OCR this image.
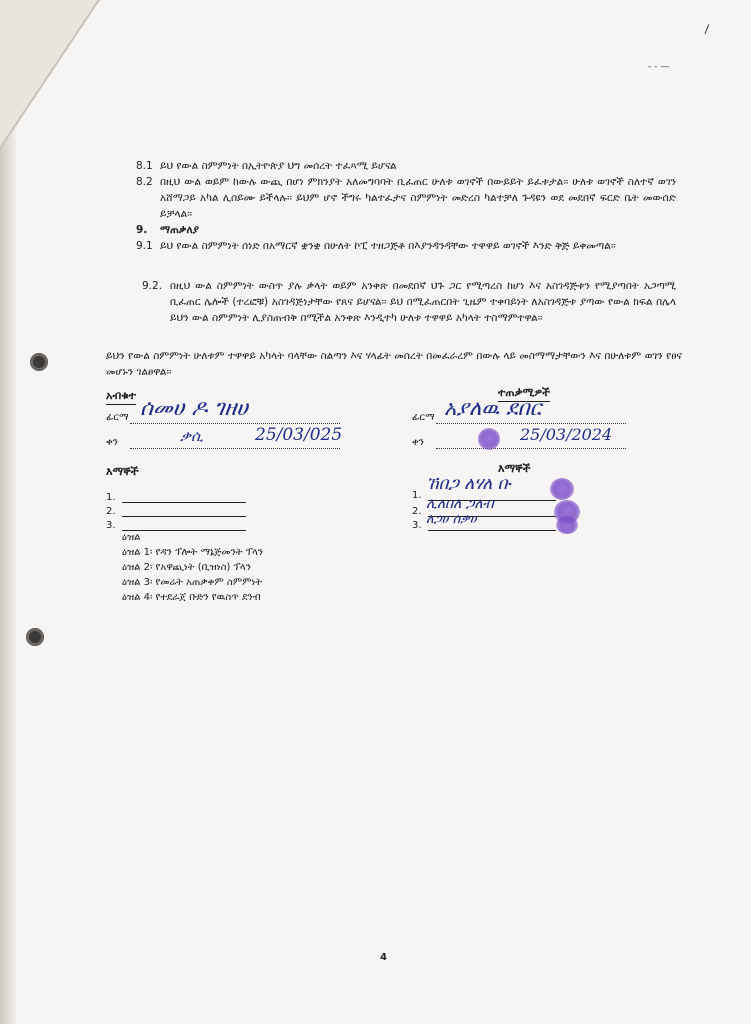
\
- - —
8.1 ይህ የውል ስምምነት በኢትዮጵያ ህግ መሰረት ተፈጻሚ ይሆናል
8.2 በዚህ ውል ወይም ከውሉ ውጪ በሆነ ምክንያት አለመግባባት ቢፈጠር ሁለቱ ወገኖች በውይይት ይፈቱታል፡፡ ሁለቱ ወገኖች ስለተኛ ወገን አሸማጋይ አካል ሊሰይሙ ይችላሉ፡፡ ይህም ሆኖ ችግሩ ካልተፈታና ስምምነት መድረስ ካልተቻለ ጉዳዩን ወደ መደበኛ ፍርድ ቤት መውሰድ ይቻላል፡፡
9. ማጠቃለያ
9.1 ይህ የውል ስምምነት ሰነድ በአማርኛ ቋንቋ በሁለት ኮፒ ተዘጋጅቶ በእያንዳንዳቸው ተዋዋይ ወገኖች እንድ ቅጅ ይቀመጣል፡፡
9.2. በዚህ ውል ስምምነት ውስጥ ያሉ ቃላት ወይም አንቀጽ በመደበኛ ህጉ ጋር የሚጣረስ ከሆነ እና አስገዳጅቱን የሚያጣበት አጋጣሚ ቢፈጠር ሌሎች (ተረፎቹ) አስገዳጅነታቸው የጸና ይሆናል፡፡ ይህ በሚፈጠርበት ጊዜም ተቀባይነት ለአስገዳጅቱ ያጣው የውል ክፍል በሌላ ይህን ውል ስምምነት ሊያስጠብቅ በሚችል አንቀጽ እንዲተካ ሁለቱ ተዋዋይ አካላት ተስማምተዋል፡፡
ይህን የውል ስምምነት ሁለቱም ተዋዋይ አካላት ባላቸው ስልጣን እና ሃላፊት መሰረት በመፈራረም በውሉ ላይ መስማማታቸውን እና በሁለቱም ወገን የፀና መሆኑን ገልፀዋል፡፡
አብቁተ
ፊርማ ሰመሀ ዶ ገዘሀ
ቀን	ቃሲ	25/03/025
ተጠቃሚዎች
ፊርማ አያለዉ ደበር
ቀን	25/03/2024
እማኞች
1.
2.
3.
እማኞች
1.
ኸበጋ ለሃለ ቡ
2. ሊለበለ ጋለብ
3. ለጋሀ ሰቃሀ
ዕዝል
ዕዝል 1፡ የዳን ፕሎት ማኔጅመንት ፕላን
ዕዝል 2፡ የአዋጪነት (ቢዝነስ) ፕላን
ዕዝል 3፡ የመሬት አጠቃቀም ስምምነት
ዕዝል 4፡ የተደራጀ ቡድን የዉስጥ ደንብ
4
